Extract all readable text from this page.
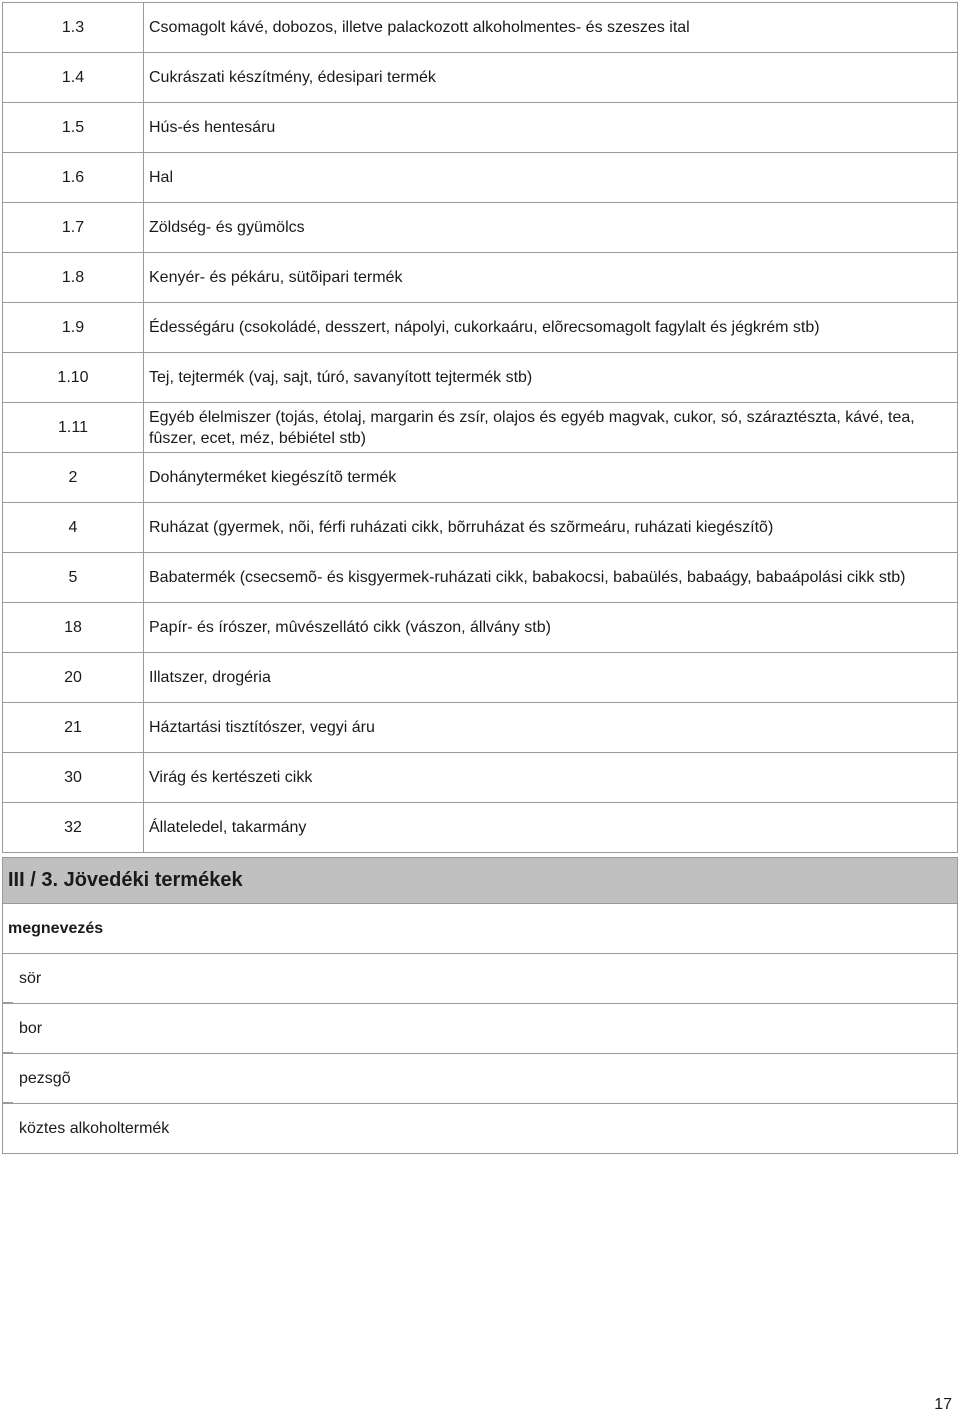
1.3	Csomagolt kávé, dobozos, illetve palackozott alkoholmentes- és szeszes ital
1.4	Cukrászati készítmény, édesipari termék
1.5	Hús-és hentesáru
1.6	Hal
1.7	Zöldség- és gyümölcs
1.8	Kenyér- és pékáru, sütõipari termék
1.9	Édességáru (csokoládé, desszert, nápolyi, cukorkaáru, elõrecsomagolt fagylalt és jégkrém stb)
1.10	Tej, tejtermék (vaj, sajt, túró, savanyított tejtermék stb)
1.11	Egyéb élelmiszer (tojás, étolaj, margarin és zsír, olajos és egyéb magvak, cukor, só, száraztészta, kávé, tea, fûszer, ecet, méz, bébiétel stb)
2	Dohányterméket kiegészítõ termék
4	Ruházat (gyermek, nõi, férfi ruházati cikk, bõrruházat és szõrmeáru, ruházati kiegészítõ)
5	Babatermék (csecsemõ- és kisgyermek-ruházati cikk, babakocsi, babaülés, babaágy, babaápolási cikk stb)
18	Papír- és írószer, mûvészellátó cikk (vászon, állvány stb)
20	Illatszer, drogéria
21	Háztartási tisztítószer, vegyi áru
30	Virág és kertészeti cikk
32	Állateledel, takarmány
III / 3. Jövedéki termékek
megnevezés
sör

bor

pezsgõ

köztes alkoholtermék
17
